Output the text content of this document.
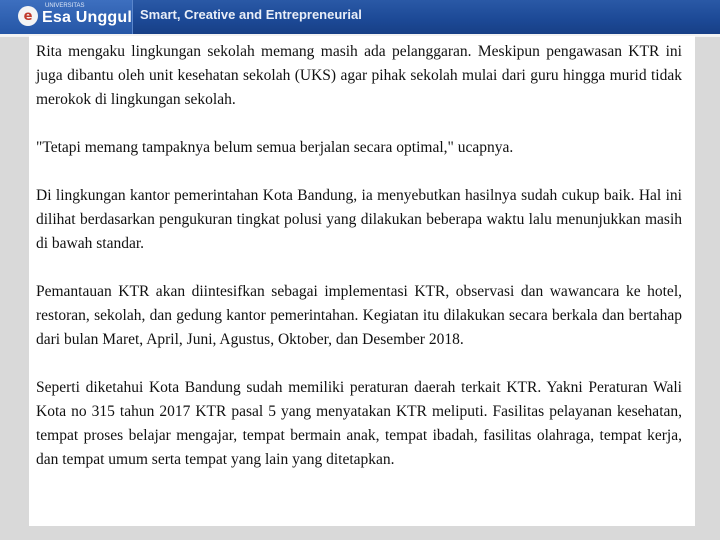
e
UNIVERSITAS
Esa Unggul Smart, Creative and Entrepreneurial

Rita mengaku lingkungan sekolah memang masih ada pelanggaran. Meskipun pengawasan KTR ini juga dibantu oleh unit kesehatan sekolah (UKS) agar pihak sekolah mulai dari guru hingga murid tidak merokok di lingkungan sekolah.

"Tetapi memang tampaknya belum semua berjalan secara optimal," ucapnya.

Di lingkungan kantor pemerintahan Kota Bandung, ia menyebutkan hasilnya sudah cukup baik. Hal ini dilihat berdasarkan pengukuran tingkat polusi yang dilakukan beberapa waktu lalu menunjukkan masih di bawah standar.

Pemantauan KTR akan diintesifkan sebagai implementasi KTR, observasi dan wawancara ke hotel, restoran, sekolah, dan gedung kantor pemerintahan. Kegiatan itu dilakukan secara berkala dan bertahap dari bulan Maret, April, Juni, Agustus, Oktober, dan Desember 2018.

Seperti diketahui Kota Bandung sudah memiliki peraturan daerah terkait KTR. Yakni Peraturan Wali Kota no 315 tahun 2017 KTR pasal 5 yang menyatakan KTR meliputi. Fasilitas pelayanan kesehatan, tempat proses belajar mengajar, tempat bermain anak, tempat ibadah, fasilitas olahraga, tempat kerja, dan tempat umum serta tempat yang lain yang ditetapkan.
